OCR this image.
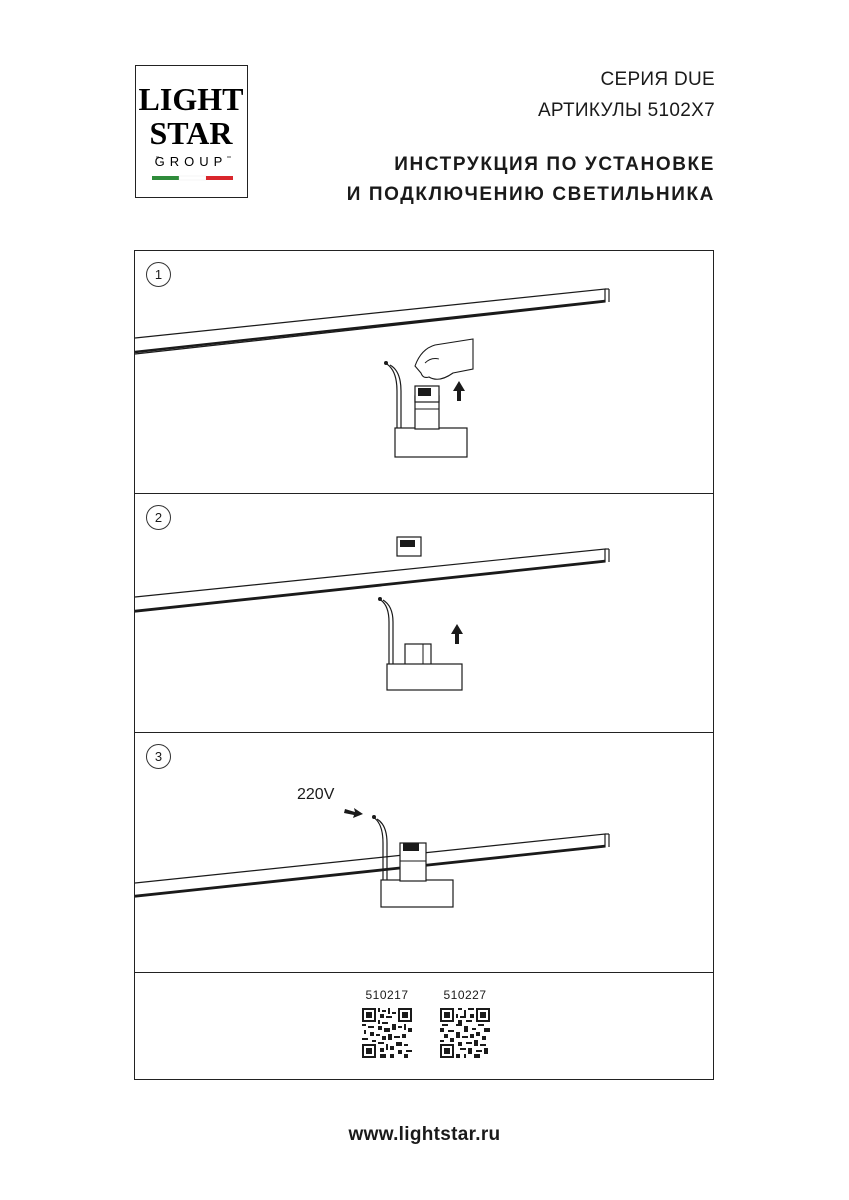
LIGHT
STAR
GROUP
СЕРИЯ DUE
АРТИКУЛЫ 5102X7
ИНСТРУКЦИЯ ПО УСТАНОВКЕ
И ПОДКЛЮЧЕНИЮ СВЕТИЛЬНИКА
1
2
3
220V
510217	510227
www.lightstar.ru
